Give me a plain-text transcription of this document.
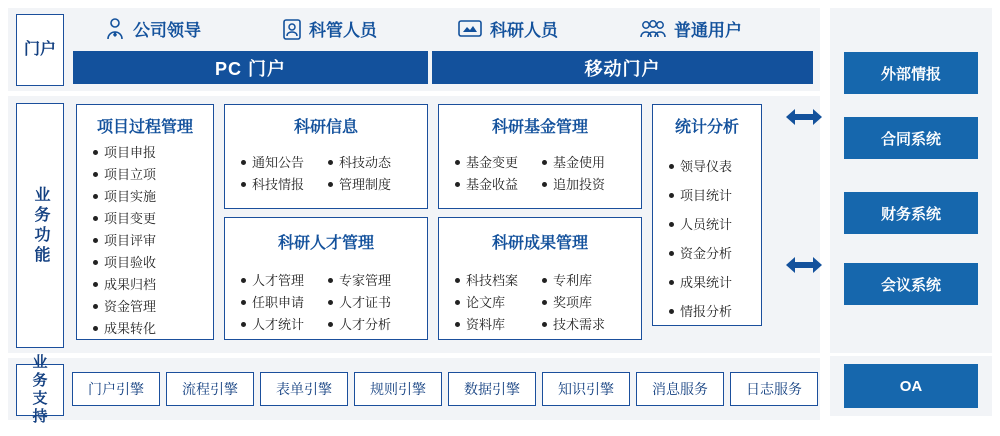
门户
公司领导	科管人员	科研人员	普通用户
PC 门户	移动门户
业务功能
项目过程管理
项目申报
项目立项
项目实施
项目变更
项目评审
项目验收
成果归档
资金管理
成果转化
科研信息
通知公告
科技情报
科技动态
管理制度
科研基金管理
基金变更
基金收益
基金使用
追加投资
统计分析
领导仪表
项目统计
人员统计
资金分析
成果统计
情报分析
科研人才管理
人才管理
任职申请
人才统计
专家管理
人才证书
人才分析
科研成果管理
科技档案
论文库
资料库
专利库
奖项库
技术需求
业务支持
门户引擎	流程引擎	表单引擎	规则引擎	数据引擎	知识引擎	消息服务	日志服务
外部情报
合同系统
财务系统
会议系统
OA
